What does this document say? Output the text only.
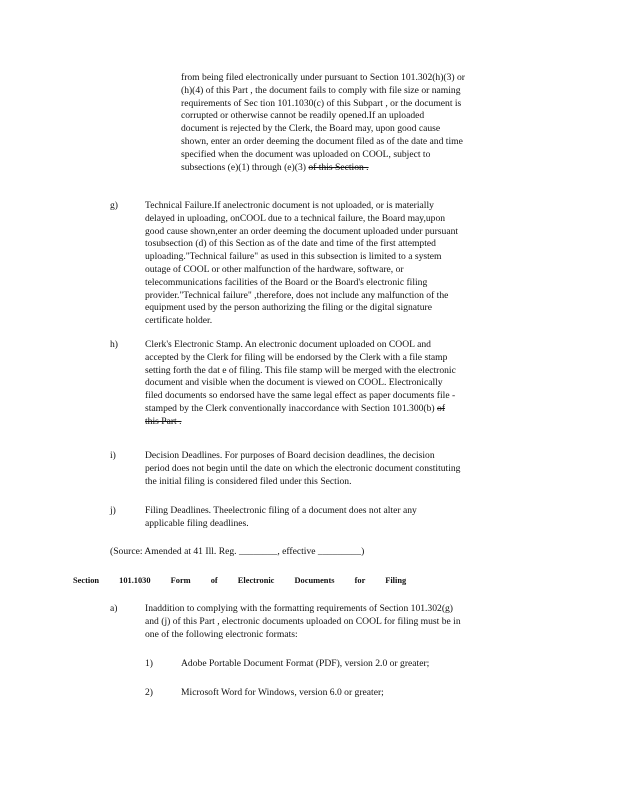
from being filed electronically under pursuant to Section 101.302(h)(3) or

(h)(4) of this Part , the document fails to comply with file size or naming

requirements of Sec tion 101.1030(c) of this Subpart , or the document is

corrupted or otherwise cannot be readily opened.If an uploaded

document is rejected by the Clerk, the Board may, upon good cause

shown, enter an order deeming the document filed as of the date and time

specified when the document was uploaded on COOL, subject to

subsections (e)(1) through (e)(3) of this Section .

g)	Technical Failure.If anelectronic document is not uploaded, or is materially

delayed in uploading, onCOOL due to a technical failure, the Board may,upon

good cause shown,enter an order deeming the document uploaded under pursuant

tosubsection (d) of this Section as of the date and time of the first attempted

uploading."Technical failure" as used in this subsection is limited to a system

outage of COOL or other malfunction of the hardware, software, or

telecommunications facilities of the Board or the Board's electronic filing

provider."Technical failure" ,therefore, does not include any malfunction of the

equipment used by the person authorizing the filing or the digital signature

certificate holder.

h)	Clerk's Electronic Stamp. An electronic document uploaded on COOL and

accepted by the Clerk for filing will be endorsed by the Clerk with a file stamp

setting forth the dat e of filing. This file stamp will be merged with the electronic

document and visible when the document is viewed on COOL. Electronically

filed documents so endorsed have the same legal effect as paper documents file -

stamped by the Clerk conventionally inaccordance with Section 101.300(b) of

this Part .

i)	Decision Deadlines. For purposes of Board decision deadlines, the decision

period does not begin until the date on which the electronic document constituting

the initial filing is considered filed under this Section.

j)	Filing Deadlines. Theelectronic filing of a document does not alter any

applicable filing deadlines.

(Source: Amended at 41 Ill. Reg. ________, effective _________)

Section 101.1030 Form of Electronic Documents for Filing
a)	Inaddition to complying with the formatting requirements of Section 101.302(g)

and (j) of this Part , electronic documents uploaded on COOL for filing must be in

one of the following electronic formats:

1)	Adobe Portable Document Format (PDF), version 2.0 or greater;

2)	Microsoft Word for Windows, version 6.0 or greater;
